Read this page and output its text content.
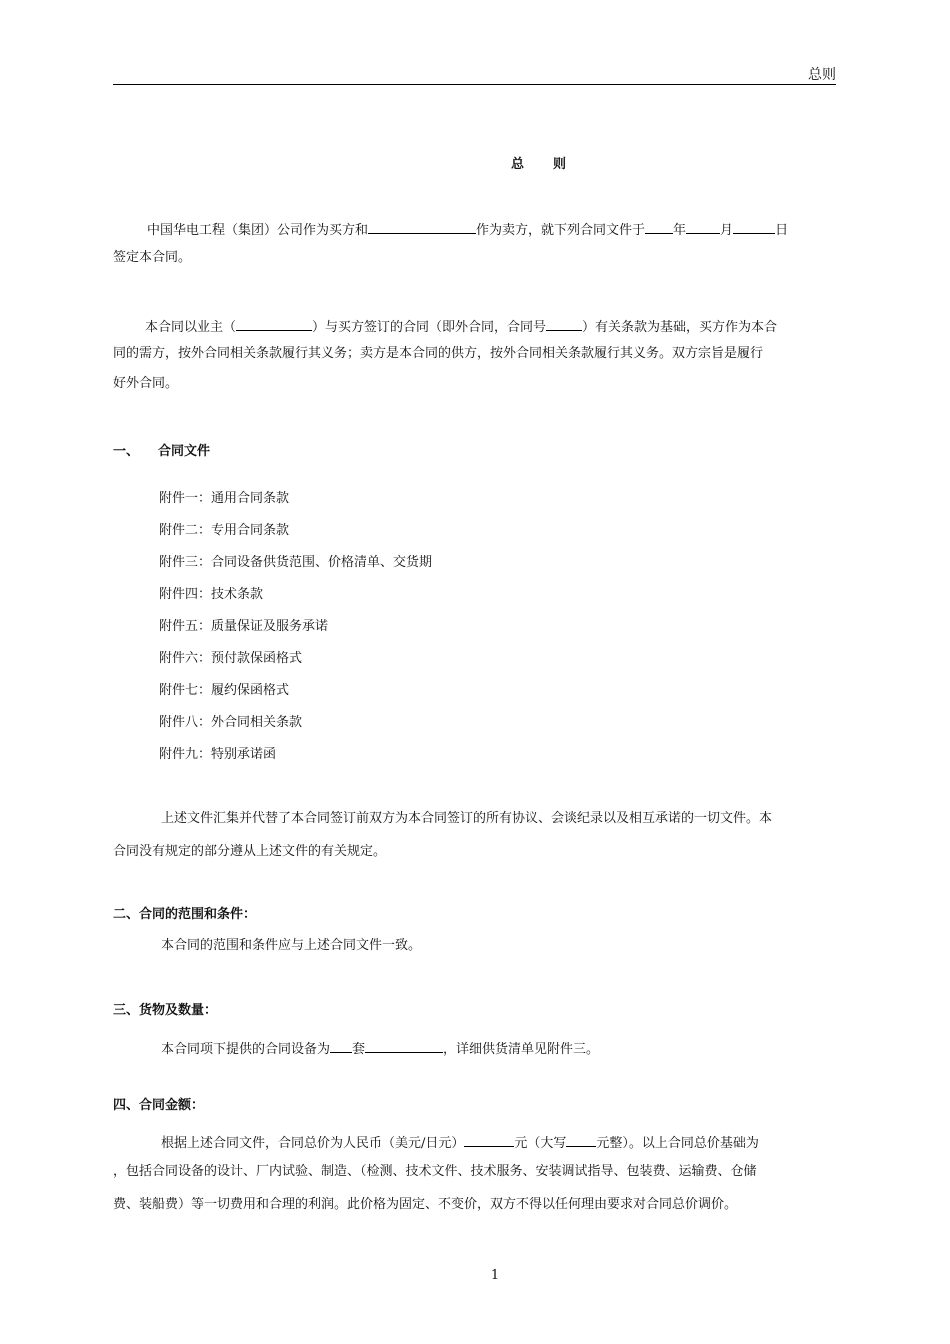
总则
总　　则
中国华电工程（集团）公司作为买方和	作为卖方，就下列合同文件于 年	月	日
签定本合同。
本合同以业主（	）与买方签订的合同（即外合同，合同号	）有关条款为基础，买方作为本合
同的需方，按外合同相关条款履行其义务；卖方是本合同的供方，按外合同相关条款履行其义务。双方宗旨是履行
好外合同。
一、 合同文件
附件一：通用合同条款
附件二：专用合同条款
附件三：合同设备供货范围、价格清单、交货期
附件四：技术条款
附件五：质量保证及服务承诺
附件六：预付款保函格式
附件七：履约保函格式
附件八：外合同相关条款
附件九：特别承诺函
上述文件汇集并代替了本合同签订前双方为本合同签订的所有协议、会谈纪录以及相互承诺的一切文件。本
合同没有规定的部分遵从上述文件的有关规定。
二、合同的范围和条件：
本合同的范围和条件应与上述合同文件一致。
三、货物及数量：
本合同项下提供的合同设备为 套	，详细供货清单见附件三。
四、合同金额：
根据上述合同文件，合同总价为人民币（美元/日元）	元（大写 元整）。以上合同总价基础为
，包括合同设备的设计、厂内试验、制造、（检测、技术文件、技术服务、安装调试指导、包装费、运输费、仓储
费、装船费）等一切费用和合理的利润。此价格为固定、不变价，双方不得以任何理由要求对合同总价调价。
1
